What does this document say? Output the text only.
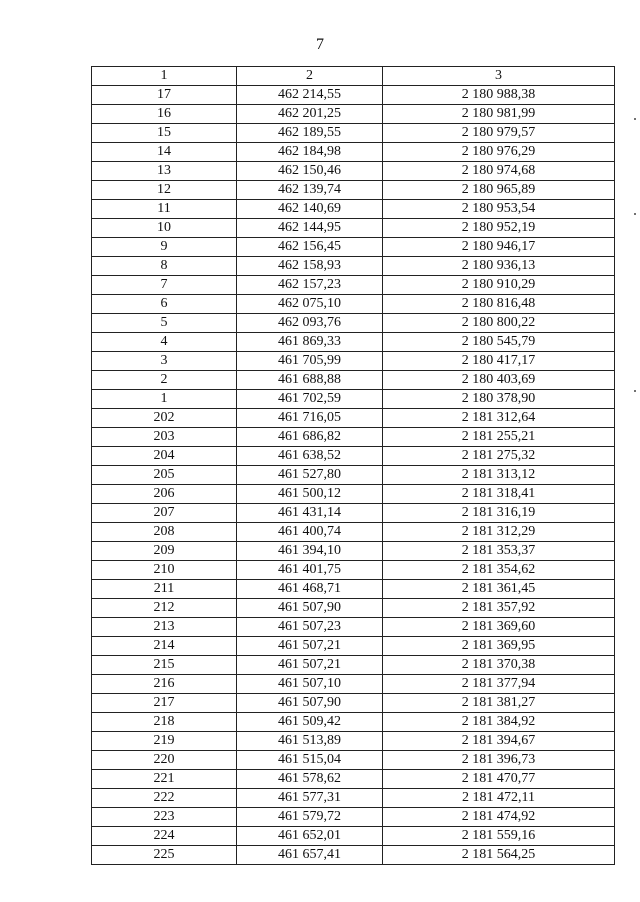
7
1	2	3
17	462 214,55	2 180 988,38
16	462 201,25	2 180 981,99
15	462 189,55	2 180 979,57
14	462 184,98	2 180 976,29
13	462 150,46	2 180 974,68
12	462 139,74	2 180 965,89
11	462 140,69	2 180 953,54
10	462 144,95	2 180 952,19
9	462 156,45	2 180 946,17
8	462 158,93	2 180 936,13
7	462 157,23	2 180 910,29
6	462 075,10	2 180 816,48
5	462 093,76	2 180 800,22
4	461 869,33	2 180 545,79
3	461 705,99	2 180 417,17
2	461 688,88	2 180 403,69
1	461 702,59	2 180 378,90
202	461 716,05	2 181 312,64
203	461 686,82	2 181 255,21
204	461 638,52	2 181 275,32
205	461 527,80	2 181 313,12
206	461 500,12	2 181 318,41
207	461 431,14	2 181 316,19
208	461 400,74	2 181 312,29
209	461 394,10	2 181 353,37
210	461 401,75	2 181 354,62
211	461 468,71	2 181 361,45
212	461 507,90	2 181 357,92
213	461 507,23	2 181 369,60
214	461 507,21	2 181 369,95
215	461 507,21	2 181 370,38
216	461 507,10	2 181 377,94
217	461 507,90	2 181 381,27
218	461 509,42	2 181 384,92
219	461 513,89	2 181 394,67
220	461 515,04	2 181 396,73
221	461 578,62	2 181 470,77
222	461 577,31	2 181 472,11
223	461 579,72	2 181 474,92
224	461 652,01	2 181 559,16
225	461 657,41	2 181 564,25
